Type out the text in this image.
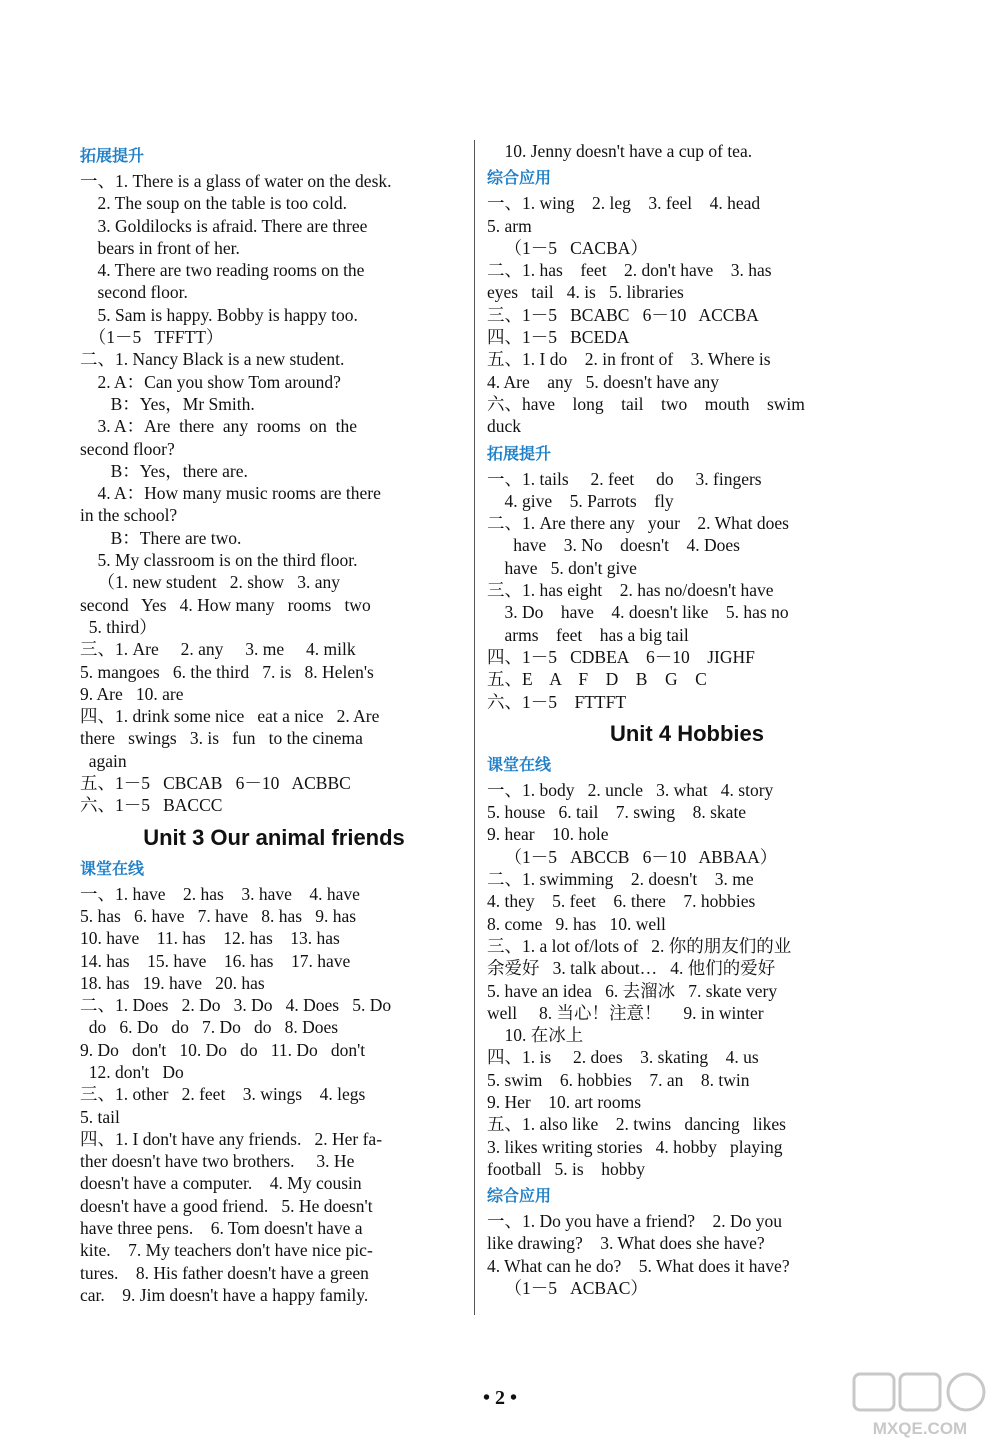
拓展提升
一、1. There is a glass of water on the desk.
2. The soup on the table is too cold.
3. Goldilocks is afraid. There are three
bears in front of her.
4. There are two reading rooms on the
second floor.
5. Sam is happy. Bobby is happy too.
（1－5   TFFTT）
二、1. Nancy Black is a new student.
2. A：Can you show Tom around?
B：Yes，Mr Smith.
3. A：Are  there  any  rooms  on  the
second floor?
B：Yes，there are.
4. A：How many music rooms are there
in the school?
B：There are two.
5. My classroom is on the third floor.
（1. new student   2. show   3. any
second   Yes   4. How many   rooms   two
5. third）
三、1. Are     2. any     3. me     4. milk
5. mangoes   6. the third   7. is   8. Helen's
9. Are   10. are
四、1. drink some nice   eat a nice   2. Are
there   swings   3. is   fun   to the cinema
again
五、1－5   CBCAB   6－10   ACBBC
六、1－5   BACCC
Unit 3 Our animal friends
课堂在线
一、1. have    2. has    3. have    4. have
5. has   6. have   7. have   8. has   9. has
10. have    11. has    12. has    13. has
14. has    15. have    16. has    17. have
18. has   19. have   20. has
二、1. Does   2. Do   3. Do   4. Does   5. Do
do   6. Do   do   7. Do   do   8. Does
9. Do   don't   10. Do   do   11. Do   don't
12. don't   Do
三、1. other   2. feet    3. wings    4. legs
5. tail
四、1. I don't have any friends.   2. Her fa-
ther doesn't have two brothers.     3. He
doesn't have a computer.    4. My cousin
doesn't have a good friend.   5. He doesn't
have three pens.    6. Tom doesn't have a
kite.    7. My teachers don't have nice pic-
tures.    8. His father doesn't have a green
car.    9. Jim doesn't have a happy family.
10. Jenny doesn't have a cup of tea.
综合应用
一、1. wing    2. leg    3. feel    4. head
5. arm
（1－5   CACBA）
二、1. has    feet    2. don't have    3. has
eyes   tail   4. is   5. libraries
三、1－5   BCABC   6－10   ACCBA
四、1－5   BCEDA
五、1. I do    2. in front of    3. Where is
4. Are    any   5. doesn't have any
六、have    long    tail    two    mouth    swim
duck
拓展提升
一、1. tails     2. feet     do     3. fingers
4. give    5. Parrots    fly
二、1. Are there any   your    2. What does
have    3. No    doesn't    4. Does
have   5. don't give
三、1. has eight    2. has no/doesn't have
3. Do    have    4. doesn't like    5. has no
arms    feet    has a big tail
四、1－5   CDBEA    6－10    JIGHF
五、E    A    F    D    B    G    C
六、1－5    FTTFT
Unit 4 Hobbies
课堂在线
一、1. body   2. uncle   3. what   4. story
5. house   6. tail    7. swing    8. skate
9. hear    10. hole
（1－5   ABCCB   6－10   ABBAA）
二、1. swimming    2. doesn't    3. me
4. they    5. feet    6. there    7. hobbies
8. come   9. has   10. well
三、1. a lot of/lots of   2. 你的朋友们的业
余爱好   3. talk about…   4. 他们的爱好
5. have an idea   6. 去溜冰   7. skate very
well     8. 当心！注意！     9. in winter
10. 在冰上
四、1. is     2. does    3. skating    4. us
5. swim    6. hobbies    7. an    8. twin
9. Her    10. art rooms
五、1. also like    2. twins   dancing   likes
3. likes writing stories   4. hobby   playing
football   5. is    hobby
综合应用
一、1. Do you have a friend?    2. Do you
like drawing?    3. What does she have?
4. What can he do?    5. What does it have?
（1－5   ACBAC）
• 2 •
MXQE.COM
